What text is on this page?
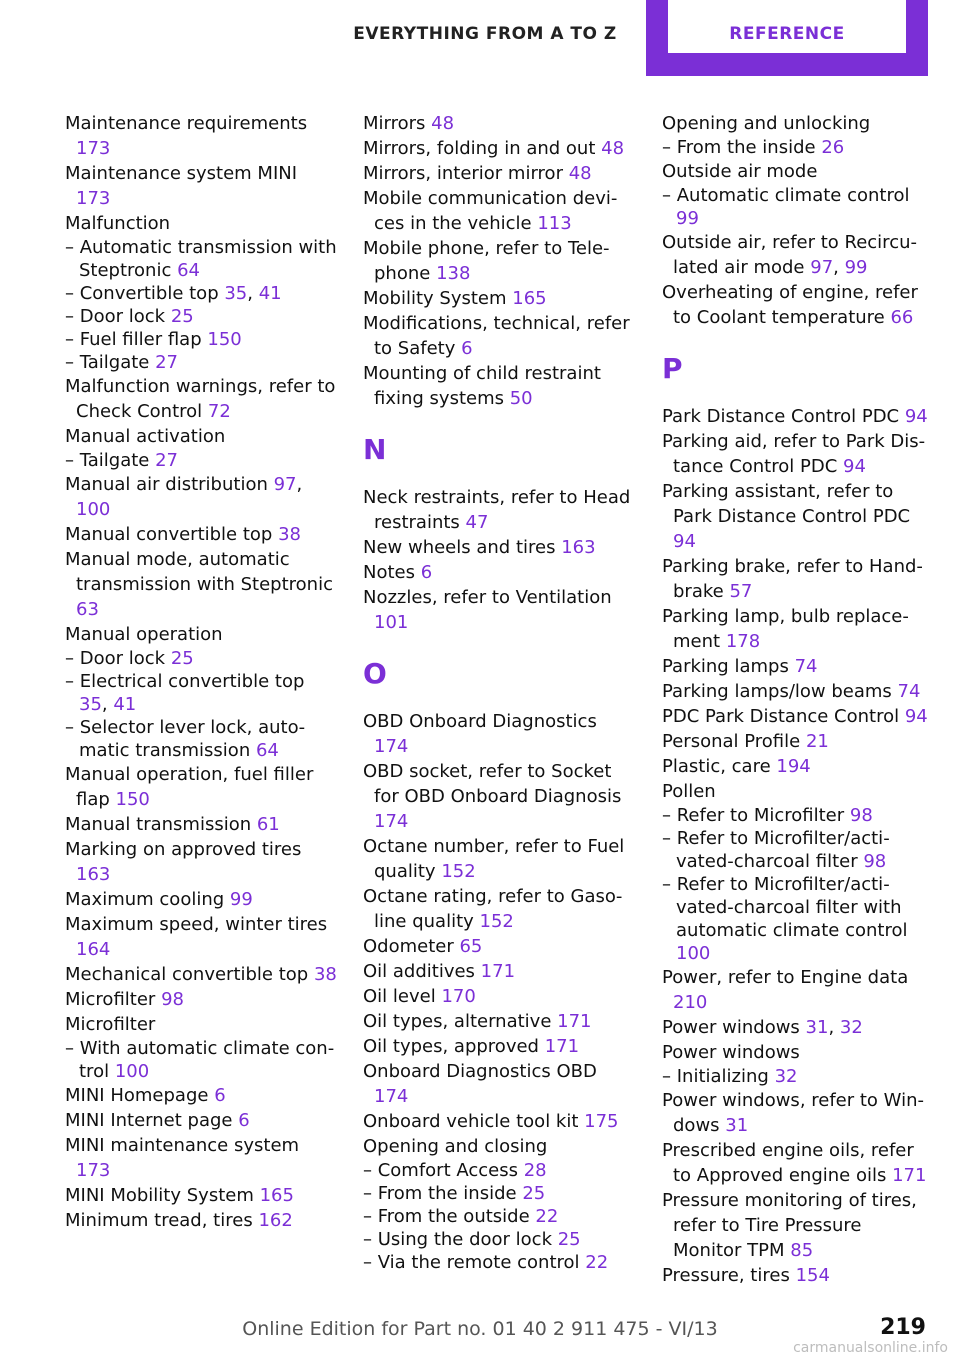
EVERYTHING FROM A TO Z	REFERENCE
Maintenance requirements 173
Maintenance system MINI 173
Malfunction
– Automatic transmission with Steptronic 64
– Convertible top 35, 41
– Door lock 25
– Fuel filler flap 150
– Tailgate 27
Malfunction warnings, refer to Check Control 72
Manual activation
– Tailgate 27
Manual air distribution 97, 100
Manual convertible top 38
Manual mode, automatic transmission with Steptronic 63
Manual operation
– Door lock 25
– Electrical convertible top 35, 41
– Selector lever lock, automatic transmission 64
Manual operation, fuel filler flap 150
Manual transmission 61
Marking on approved tires 163
Maximum cooling 99
Maximum speed, winter tires 164
Mechanical convertible top 38
Microfilter 98
Microfilter
– With automatic climate control 100
MINI Homepage 6
MINI Internet page 6
MINI maintenance system 173
MINI Mobility System 165
Minimum tread, tires 162
Mirrors 48
Mirrors, folding in and out 48
Mirrors, interior mirror 48
Mobile communication devices in the vehicle 113
Mobile phone, refer to Telephone 138
Mobility System 165
Modifications, technical, refer to Safety 6
Mounting of child restraint fixing systems 50
N
Neck restraints, refer to Head restraints 47
New wheels and tires 163
Notes 6
Nozzles, refer to Ventilation 101
O
OBD Onboard Diagnostics 174
OBD socket, refer to Socket for OBD Onboard Diagnosis 174
Octane number, refer to Fuel quality 152
Octane rating, refer to Gasoline quality 152
Odometer 65
Oil additives 171
Oil level 170
Oil types, alternative 171
Oil types, approved 171
Onboard Diagnostics OBD 174
Onboard vehicle tool kit 175
Opening and closing
– Comfort Access 28
– From the inside 25
– From the outside 22
– Using the door lock 25
– Via the remote control 22
Opening and unlocking
– From the inside 26
Outside air mode
– Automatic climate control 99
Outside air, refer to Recirculated air mode 97, 99
Overheating of engine, refer to Coolant temperature 66
P
Park Distance Control PDC 94
Parking aid, refer to Park Distance Control PDC 94
Parking assistant, refer to Park Distance Control PDC 94
Parking brake, refer to Handbrake 57
Parking lamp, bulb replacement 178
Parking lamps 74
Parking lamps/low beams 74
PDC Park Distance Control 94
Personal Profile 21
Plastic, care 194
Pollen
– Refer to Microfilter 98
– Refer to Microfilter/activated-charcoal filter 98
– Refer to Microfilter/activated-charcoal filter with automatic climate control 100
Power, refer to Engine data 210
Power windows 31, 32
Power windows
– Initializing 32
Power windows, refer to Windows 31
Prescribed engine oils, refer to Approved engine oils 171
Pressure monitoring of tires, refer to Tire Pressure Monitor TPM 85
Pressure, tires 154
Online Edition for Part no. 01 40 2 911 475 - VI/13	219
carmanualsonline.info
